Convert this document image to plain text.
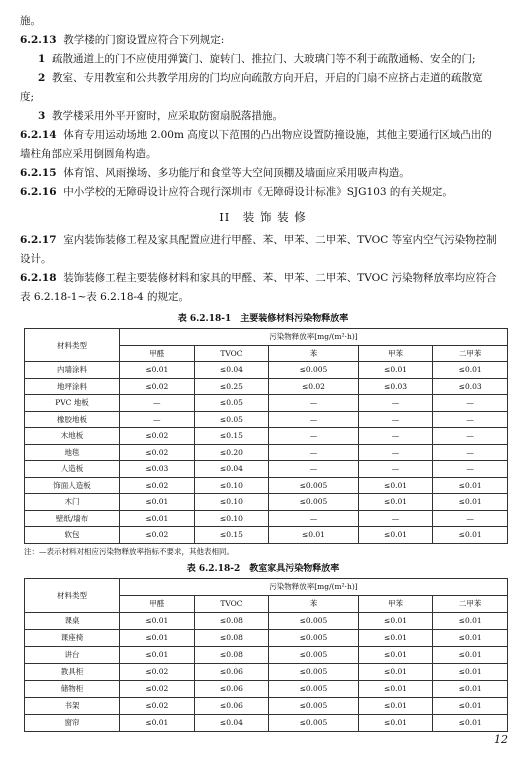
施。

6.2.13 教学楼的门窗设置应符合下列规定:

1 疏散通道上的门不应使用弹簧门、旋转门、推拉门、大玻璃门等不利于疏散通畅、安全的门;

2 教室、专用教室和公共教学用房的门均应向疏散方向开启，开启的门扇不应挤占走道的疏散宽

度;

3 教学楼采用外平开窗时，应采取防窗扇脱落措施。

6.2.14 体育专用运动场地 2.00m 高度以下范围的凸出物应设置防撞设施，其他主要通行区域凸出的

墙柱角部应采用倒圆角构造。

6.2.15 体育馆、风雨操场、多功能厅和食堂等大空间顶棚及墙面应采用吸声构造。

6.2.16 中小学校的无障碍设计应符合现行深圳市《无障碍设计标准》SJG103 的有关规定。

II　装 饰 装 修

6.2.17 室内装饰装修工程及家具配置应进行甲醛、苯、甲苯、二甲苯、TVOC 等室内空气污染物控制

设计。

6.2.18 装饰装修工程主要装修材料和家具的甲醛、苯、甲苯、二甲苯、TVOC 污染物释放率均应符合

表 6.2.18-1~表 6.2.18-4 的规定。

表 6.2.18-1　主要装修材料污染物释放率
材料类型	污染物释放率[mg/(m²·h)]				
	甲醛	TVOC	苯	甲苯	二甲苯
内墙涂料	≤0.01	≤0.04	≤0.005	≤0.01	≤0.01
地坪涂料	≤0.02	≤0.25	≤0.02	≤0.03	≤0.03
PVC 地板	—	≤0.05	—	—	—
橡胶地板	—	≤0.05	—	—	—
木地板	≤0.02	≤0.15	—	—	—
地毯	≤0.02	≤0.20	—	—	—
人造板	≤0.03	≤0.04	—	—	—
饰面人造板	≤0.02	≤0.10	≤0.005	≤0.01	≤0.01
木门	≤0.01	≤0.10	≤0.005	≤0.01	≤0.01
壁纸/墙布	≤0.01	≤0.10	—	—	—
软包	≤0.02	≤0.15	≤0.01	≤0.01	≤0.01
注：—表示材料对相应污染物释放率指标不要求，其他表相同。
表 6.2.18-2　教室家具污染物释放率
材料类型	污染物释放率[mg/(m²·h)]				
	甲醛	TVOC	苯	甲苯	二甲苯
课桌	≤0.01	≤0.08	≤0.005	≤0.01	≤0.01
课座椅	≤0.01	≤0.08	≤0.005	≤0.01	≤0.01
讲台	≤0.01	≤0.08	≤0.005	≤0.01	≤0.01
教具柜	≤0.02	≤0.06	≤0.005	≤0.01	≤0.01
储物柜	≤0.02	≤0.06	≤0.005	≤0.01	≤0.01
书架	≤0.02	≤0.06	≤0.005	≤0.01	≤0.01
窗帘	≤0.01	≤0.04	≤0.005	≤0.01	≤0.01
12
